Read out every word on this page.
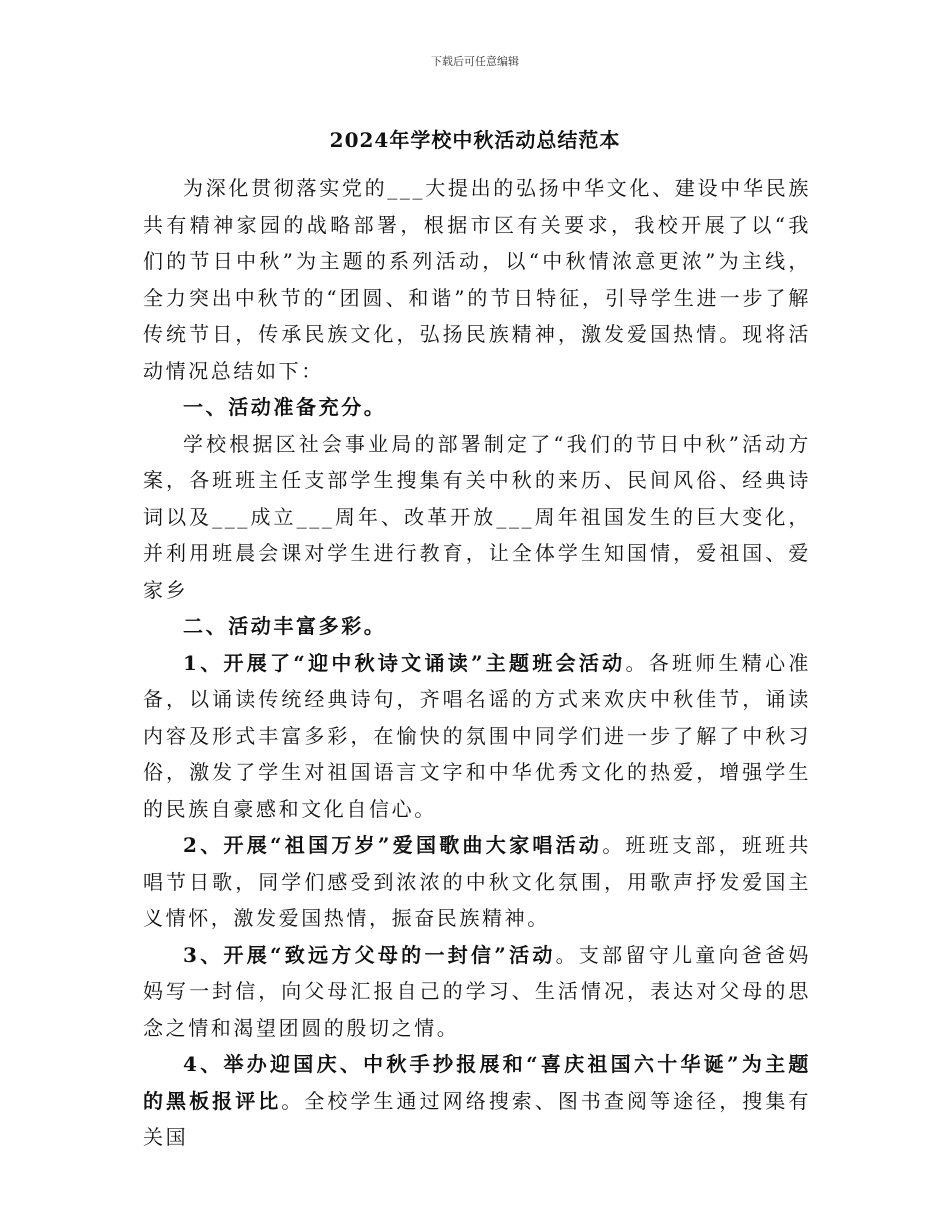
下载后可任意编辑
2024年学校中秋活动总结范本

为深化贯彻落实党的___大提出的弘扬中华文化、建设中华民族共有精神家园的战略部署，根据市区有关要求，我校开展了以“我们的节日中秋”为主题的系列活动，以“中秋情浓意更浓”为主线，全力突出中秋节的“团圆、和谐”的节日特征，引导学生进一步了解传统节日，传承民族文化，弘扬民族精神，激发爱国热情。现将活动情况总结如下：

一、活动准备充分。

学校根据区社会事业局的部署制定了“我们的节日中秋”活动方案，各班班主任支部学生搜集有关中秋的来历、民间风俗、经典诗词以及___成立___周年、改革开放___周年祖国发生的巨大变化，并利用班晨会课对学生进行教育，让全体学生知国情，爱祖国、爱家乡

二、活动丰富多彩。

1、开展了“迎中秋诗文诵读”主题班会活动。各班师生精心准备，以诵读传统经典诗句，齐唱名谣的方式来欢庆中秋佳节，诵读内容及形式丰富多彩，在愉快的氛围中同学们进一步了解了中秋习俗，激发了学生对祖国语言文字和中华优秀文化的热爱，增强学生的民族自豪感和文化自信心。

2、开展“祖国万岁”爱国歌曲大家唱活动。班班支部，班班共唱节日歌，同学们感受到浓浓的中秋文化氛围，用歌声抒发爱国主义情怀，激发爱国热情，振奋民族精神。

3、开展“致远方父母的一封信”活动。支部留守儿童向爸爸妈妈写一封信，向父母汇报自己的学习、生活情况，表达对父母的思念之情和渴望团圆的殷切之情。

4、举办迎国庆、中秋手抄报展和“喜庆祖国六十华诞”为主题的黑板报评比。全校学生通过网络搜索、图书查阅等途径，搜集有关国
